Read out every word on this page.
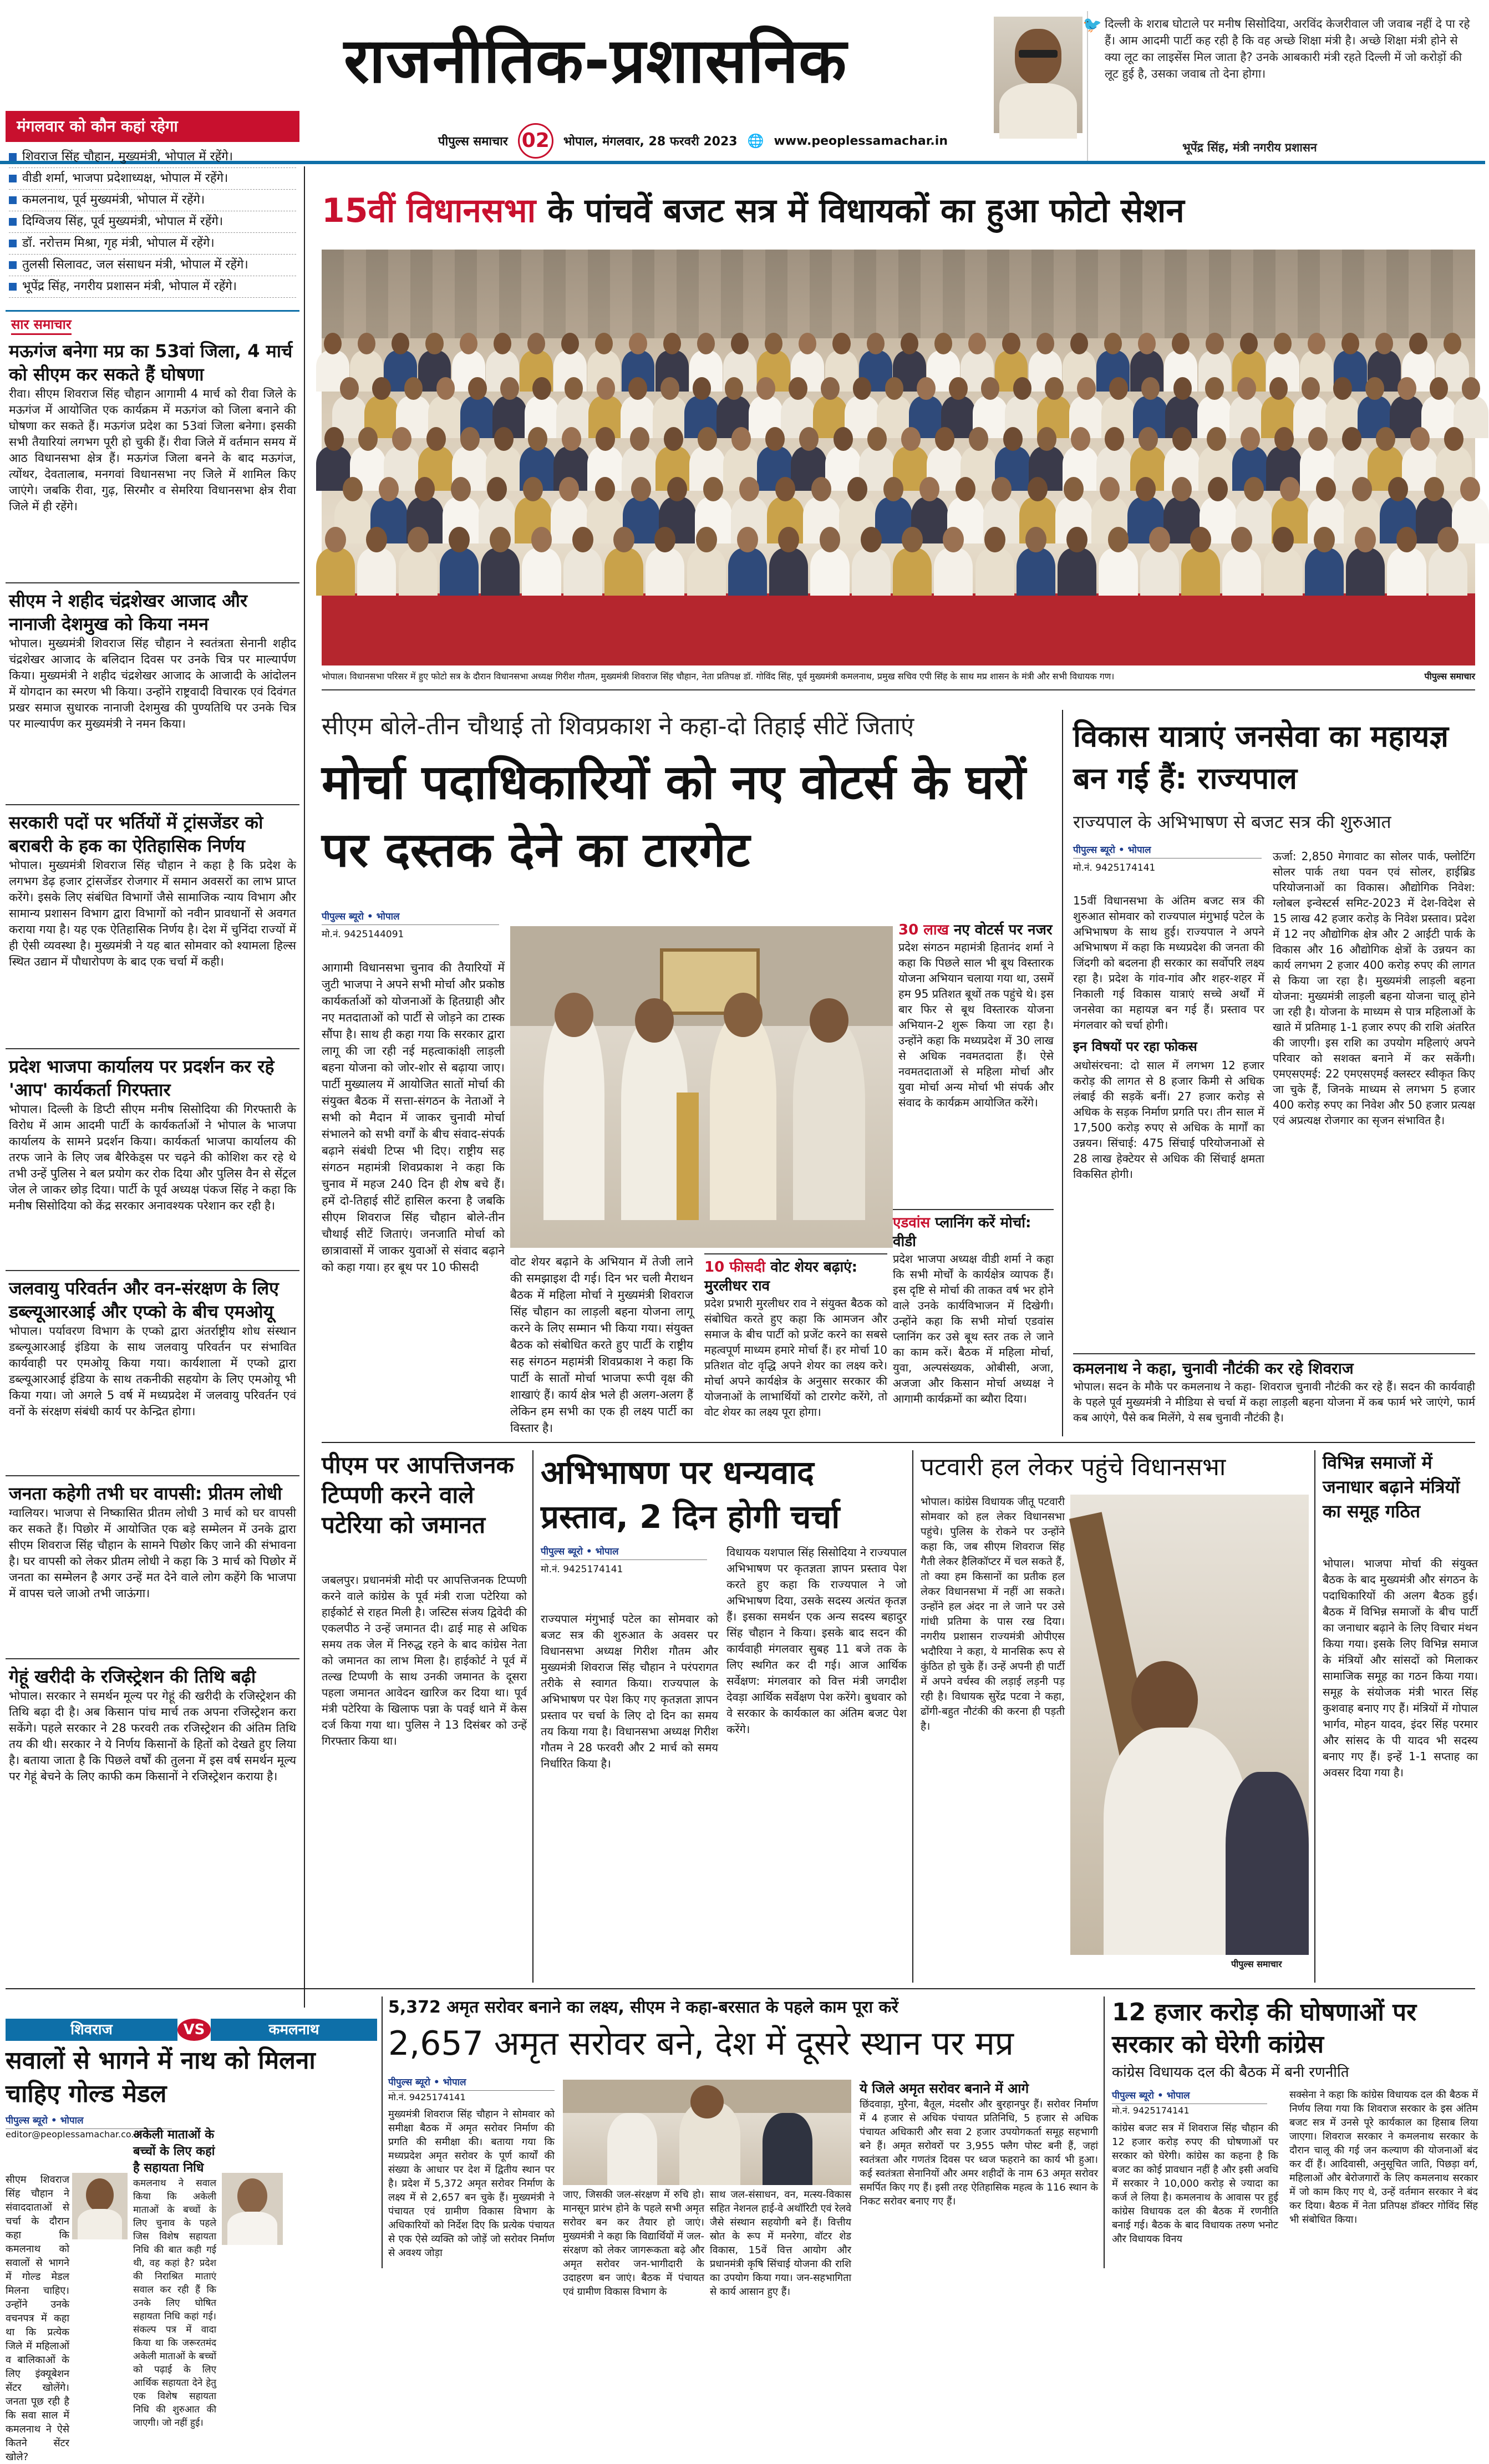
राजनीतिक-प्रशासनिक
पीपुल्स समाचार 02	भोपाल, मंगलवार, 28 फरवरी 2023 🌐 www.peoplessamachar.in
🐦 दिल्ली के शराब घोटाले पर मनीष सिसोदिया, अरविंद केजरीवाल जी जवाब नहीं दे पा रहे हैं। आम आदमी पार्टी कह रही है कि वह अच्छे शिक्षा मंत्री है। अच्छे शिक्षा मंत्री होने से क्या लूट का लाइसेंस मिल जाता है? उनके आबकारी मंत्री रहते दिल्ली में जो करोड़ों की लूट हुई है, उसका जवाब तो देना होगा।
भूपेंद्र सिंह, मंत्री नगरीय प्रशासन
मंगलवार को कौन कहां रहेगा
शिवराज सिंह चौहान, मुख्यमंत्री, भोपाल में रहेंगे।
वीडी शर्मा, भाजपा प्रदेशाध्यक्ष, भोपाल में रहेंगे।
कमलनाथ, पूर्व मुख्यमंत्री, भोपाल में रहेंगे।
दिग्विजय सिंह, पूर्व मुख्यमंत्री, भोपाल में रहेंगे।
डॉ. नरोत्तम मिश्रा, गृह मंत्री, भोपाल में रहेंगे।
तुलसी सिलावट, जल संसाधन मंत्री, भोपाल में रहेंगे।
भूपेंद्र सिंह, नगरीय प्रशासन मंत्री, भोपाल में रहेंगे।
सार समाचार
मऊगंज बनेगा मप्र का 53वां जिला, 4 मार्च को सीएम कर सकते हैं घोषणा
रीवा। सीएम शिवराज सिंह चौहान आगामी 4 मार्च को रीवा जिले के मऊगंज में आयोजित एक कार्यक्रम में मऊगंज को जिला बनाने की घोषणा कर सकते हैं। मऊगंज प्रदेश का 53वां जिला बनेगा। इसकी सभी तैयारियां लगभग पूरी हो चुकी हैं। रीवा जिले में वर्तमान समय में आठ विधानसभा क्षेत्र हैं। मऊगंज जिला बनने के बाद मऊगंज, त्योंथर, देवतालाब, मनगवां विधानसभा नए जिले में शामिल किए जाएंगे। जबकि रीवा, गुढ़, सिरमौर व सेमरिया विधानसभा क्षेत्र रीवा जिले में ही रहेंगे।
सीएम ने शहीद चंद्रशेखर आजाद और नानाजी देशमुख को किया नमन
भोपाल। मुख्यमंत्री शिवराज सिंह चौहान ने स्वतंत्रता सेनानी शहीद चंद्रशेखर आजाद के बलिदान दिवस पर उनके चित्र पर माल्यार्पण किया। मुख्यमंत्री ने शहीद चंद्रशेखर आजाद के आजादी के आंदोलन में योगदान का स्मरण भी किया। उन्होंने राष्ट्रवादी विचारक एवं दिवंगत प्रखर समाज सुधारक नानाजी देशमुख की पुण्यतिथि पर उनके चित्र पर माल्यार्पण कर मुख्यमंत्री ने नमन किया।
सरकारी पदों पर भर्तियों में ट्रांसजेंडर को बराबरी के हक का ऐतिहासिक निर्णय
भोपाल। मुख्यमंत्री शिवराज सिंह चौहान ने कहा है कि प्रदेश के लगभग डेढ़ हजार ट्रांसजेंडर रोजगार में समान अवसरों का लाभ प्राप्त करेंगे। इसके लिए संबंधित विभागों जैसे सामाजिक न्याय विभाग और सामान्य प्रशासन विभाग द्वारा विभागों को नवीन प्रावधानों से अवगत कराया गया है। यह एक ऐतिहासिक निर्णय है। देश में चुनिंदा राज्यों में ही ऐसी व्यवस्था है। मुख्यमंत्री ने यह बात सोमवार को श्यामला हिल्स स्थित उद्यान में पौधारोपण के बाद एक चर्चा में कही।
प्रदेश भाजपा कार्यालय पर प्रदर्शन कर रहे 'आप' कार्यकर्ता गिरफ्तार
भोपाल। दिल्ली के डिप्टी सीएम मनीष सिसोदिया की गिरफ्तारी के विरोध में आम आदमी पार्टी के कार्यकर्ताओं ने भोपाल के भाजपा कार्यालय के सामने प्रदर्शन किया। कार्यकर्ता भाजपा कार्यालय की तरफ जाने के लिए जब बैरिकेड्स पर चढ़ने की कोशिश कर रहे थे तभी उन्हें पुलिस ने बल प्रयोग कर रोक दिया और पुलिस वैन से सेंट्रल जेल ले जाकर छोड़ दिया। पार्टी के पूर्व अध्यक्ष पंकज सिंह ने कहा कि मनीष सिसोदिया को केंद्र सरकार अनावश्यक परेशान कर रही है।
जलवायु परिवर्तन और वन-संरक्षण के लिए डब्ल्यूआरआई और एप्को के बीच एमओयू
भोपाल। पर्यावरण विभाग के एप्को द्वारा अंतर्राष्ट्रीय शोध संस्थान डब्ल्यूआरआई इंडिया के साथ जलवायु परिवर्तन पर संभावित कार्यवाही पर एमओयू किया गया। कार्यशाला में एप्को द्वारा डब्ल्यूआरआई इंडिया के साथ तकनीकी सहयोग के लिए एमओयू भी किया गया। जो अगले 5 वर्ष में मध्यप्रदेश में जलवायु परिवर्तन एवं वनों के संरक्षण संबंधी कार्य पर केन्द्रित होगा।
जनता कहेगी तभी घर वापसी: प्रीतम लोधी
ग्वालियर। भाजपा से निष्कासित प्रीतम लोधी 3 मार्च को घर वापसी कर सकते हैं। पिछोर में आयोजित एक बड़े सम्मेलन में उनके द्वारा सीएम शिवराज सिंह चौहान के सामने पिछोर किए जाने की संभावना है। घर वापसी को लेकर प्रीतम लोधी ने कहा कि 3 मार्च को पिछोर में जनता का सम्मेलन है अगर उन्हें मत देने वाले लोग कहेंगे कि भाजपा में वापस चले जाओ तभी जाऊंगा।
गेहूं खरीदी के रजिस्ट्रेशन की तिथि बढ़ी
भोपाल। सरकार ने समर्थन मूल्य पर गेहूं की खरीदी के रजिस्ट्रेशन की तिथि बढ़ा दी है। अब किसान पांच मार्च तक अपना रजिस्ट्रेशन करा सकेंगे। पहले सरकार ने 28 फरवरी तक रजिस्ट्रेशन की अंतिम तिथि तय की थी। सरकार ने ये निर्णय किसानों के हितों को देखते हुए लिया है। बताया जाता है कि पिछले वर्षों की तुलना में इस वर्ष समर्थन मूल्य पर गेहूं बेचने के लिए काफी कम किसानों ने रजिस्ट्रेशन कराया है।
15वीं विधानसभा के पांचवें बजट सत्र में विधायकों का हुआ फोटो सेशन
भोपाल। विधानसभा परिसर में हुए फोटो सत्र के दौरान विधानसभा अध्यक्ष गिरीश गौतम, मुख्यमंत्री शिवराज सिंह चौहान, नेता प्रतिपक्ष डॉ. गोविंद सिंह, पूर्व मुख्यमंत्री कमलनाथ, प्रमुख सचिव एपी सिंह के साथ मप्र शासन के मंत्री और सभी विधायक गण।	पीपुल्स समाचार
सीएम बोले-तीन चौथाई तो शिवप्रकाश ने कहा-दो तिहाई सीटें जिताएं
मोर्चा पदाधिकारियों को नए वोटर्स के घरों पर दस्तक देने का टारगेट
पीपुल्स ब्यूरो • भोपाल
मो.नं. 9425144091
आगामी विधानसभा चुनाव की तैयारियों में जुटी भाजपा ने अपने सभी मोर्चा और प्रकोष्ठ कार्यकर्ताओं को योजनाओं के हितग्राही और नए मतदाताओं को पार्टी से जोड़ने का टास्क सौंपा है। साथ ही कहा गया कि सरकार द्वारा लागू की जा रही नई महत्वाकांक्षी लाड़ली बहना योजना को जोर-शोर से बढ़ाया जाए। पार्टी मुख्यालय में आयोजित सातों मोर्चा की संयुक्त बैठक में सत्ता-संगठन के नेताओं ने सभी को मैदान में जाकर चुनावी मोर्चा संभालने को सभी वर्गों के बीच संवाद-संपर्क बढ़ाने संबंधी टिप्स भी दिए। राष्ट्रीय सह संगठन महामंत्री शिवप्रकाश ने कहा कि चुनाव में महज 240 दिन ही शेष बचे हैं। हमें दो-तिहाई सीटें हासिल करना है जबकि सीएम शिवराज सिंह चौहान बोले-तीन चौथाई सीटें जिताएं। जनजाति मोर्चा को छात्रावासों में जाकर युवाओं से संवाद बढ़ाने को कहा गया। हर बूथ पर 10 फीसदी	वोट शेयर बढ़ाने के अभियान में तेजी लाने की समझाइश दी गई। दिन भर चली मैराथन बैठक में महिला मोर्चा ने मुख्यमंत्री शिवराज सिंह चौहान का लाड़ली बहना योजना लागू करने के लिए सम्मान भी किया गया। संयुक्त बैठक को संबोधित करते हुए पार्टी के राष्ट्रीय सह संगठन महामंत्री शिवप्रकाश ने कहा कि पार्टी के सातों मोर्चा भाजपा रूपी वृक्ष की शाखाएं हैं। कार्य क्षेत्र भले ही अलग-अलग हैं लेकिन हम सभी का एक ही लक्ष्य पार्टी का विस्तार है।
30 लाख नए वोटर्स पर नजर
प्रदेश संगठन महामंत्री हितानंद शर्मा ने कहा कि पिछले साल भी बूथ विस्तारक योजना अभियान चलाया गया था, उसमें हम 95 प्रतिशत बूथों तक पहुंचे थे। इस बार फिर से बूथ विस्तारक योजना अभियान-2 शुरू किया जा रहा है। उन्होंने कहा कि मध्यप्रदेश में 30 लाख से अधिक नवमतदाता हैं। ऐसे नवमतदाताओं से महिला मोर्चा और युवा मोर्चा अन्य मोर्चा भी संपर्क और संवाद के कार्यक्रम आयोजित करेंगे।
10 फीसदी वोट शेयर बढ़ाएं: मुरलीधर राव
प्रदेश प्रभारी मुरलीधर राव ने संयुक्त बैठक को संबोधित करते हुए कहा कि आमजन और समाज के बीच पार्टी को प्रजेंट करने का सबसे महत्वपूर्ण माध्यम हमारे मोर्चा हैं। हर मोर्चा 10 प्रतिशत वोट वृद्धि अपने शेयर का लक्ष्य करे। मोर्चा अपने कार्यक्षेत्र के अनुसार सरकार की योजनाओं के लाभार्थियों को टारगेट करेंगे, तो वोट शेयर का लक्ष्य पूरा होगा।
एडवांस प्लानिंग करें मोर्चा: वीडी
प्रदेश भाजपा अध्यक्ष वीडी शर्मा ने कहा कि सभी मोर्चों के कार्यक्षेत्र व्यापक हैं। इस दृष्टि से मोर्चा की ताकत वर्ष भर होने वाले उनके कार्यविभाजन में दिखेगी। उन्होंने कहा कि सभी मोर्चा एडवांस प्लानिंग कर उसे बूथ स्तर तक ले जाने का काम करें। बैठक में महिला मोर्चा, युवा, अल्पसंख्यक, ओबीसी, अजा, अजजा और किसान मोर्चा अध्यक्ष ने आगामी कार्यक्रमों का ब्यौरा दिया।
विकास यात्राएं जनसेवा का महायज्ञ बन गई हैं: राज्यपाल
राज्यपाल के अभिभाषण से बजट सत्र की शुरुआत
पीपुल्स ब्यूरो • भोपाल
मो.नं. 9425174141
15वीं विधानसभा के अंतिम बजट सत्र की शुरुआत सोमवार को राज्यपाल मंगुभाई पटेल के अभिभाषण के साथ हुई। राज्यपाल ने अपने अभिभाषण में कहा कि मध्यप्रदेश की जनता की जिंदगी को बदलना ही सरकार का सर्वोपरि लक्ष्य रहा है। प्रदेश के गांव-गांव और शहर-शहर में निकाली गई विकास यात्राएं सच्चे अर्थों में जनसेवा का महायज्ञ बन गई हैं। प्रस्ताव पर मंगलवार को चर्चा होगी।
इन विषयों पर रहा फोकस
अधोसंरचना: दो साल में लगभग 12 हजार करोड़ की लागत से 8 हजार किमी से अधिक लंबाई की सड़कें बनीं। 27 हजार करोड़ से अधिक के सड़क निर्माण प्रगति पर। तीन साल में 17,500 करोड़ रुपए से अधिक के मार्गों का उन्नयन। सिंचाई: 475 सिंचाई परियोजनाओं से 28 लाख हेक्टेयर से अधिक की सिंचाई क्षमता विकसित होगी।
ऊर्जा: 2,850 मेगावाट का सोलर पार्क, फ्लोटिंग सोलर पार्क तथा पवन एवं सोलर, हाईब्रिड परियोजनाओं का विकास। औद्योगिक निवेश: ग्लोबल इन्वेस्टर्स समिट-2023 में देश-विदेश से 15 लाख 42 हजार करोड़ के निवेश प्रस्ताव। प्रदेश में 12 नए औद्योगिक क्षेत्र और 2 आईटी पार्क के विकास और 16 औद्योगिक क्षेत्रों के उन्नयन का कार्य लगभग 2 हजार 400 करोड़ रुपए की लागत से किया जा रहा है। मुख्यमंत्री लाड़ली बहना योजना: मुख्यमंत्री लाड़ली बहना योजना चालू होने जा रही है। योजना के माध्यम से पात्र महिलाओं के खाते में प्रतिमाह 1-1 हजार रुपए की राशि अंतरित की जाएगी। इस राशि का उपयोग महिलाएं अपने परिवार को सशक्त बनाने में कर सकेंगी। एमएसएमई: 22 एमएसएमई क्लस्टर स्वीकृत किए जा चुके हैं, जिनके माध्यम से लगभग 5 हजार 400 करोड़ रुपए का निवेश और 50 हजार प्रत्यक्ष एवं अप्रत्यक्ष रोजगार का सृजन संभावित है।
कमलनाथ ने कहा, चुनावी नौटंकी कर रहे शिवराज
भोपाल। सदन के मौके पर कमलनाथ ने कहा- शिवराज चुनावी नौटंकी कर रहे हैं। सदन की कार्यवाही के पहले पूर्व मुख्यमंत्री ने मीडिया से चर्चा में कहा लाड़ली बहना योजना में कब फार्म भरे जाएंगे, फार्म कब आएंगे, पैसे कब मिलेंगे, ये सब चुनावी नौटंकी है।
पीएम पर आपत्तिजनक टिप्पणी करने वाले पटेरिया को जमानत
जबलपुर। प्रधानमंत्री मोदी पर आपत्तिजनक टिप्पणी करने वाले कांग्रेस के पूर्व मंत्री राजा पटेरिया को हाईकोर्ट से राहत मिली है। जस्टिस संजय द्विवेदी की एकलपीठ ने उन्हें जमानत दी। ढाई माह से अधिक समय तक जेल में निरुद्ध रहने के बाद कांग्रेस नेता को जमानत का लाभ मिला है। हाईकोर्ट ने पूर्व में तल्ख टिप्पणी के साथ उनकी जमानत के दूसरा पहला जमानत आवेदन खारिज कर दिया था। पूर्व मंत्री पटेरिया के खिलाफ पन्ना के पवई थाने में केस दर्ज किया गया था। पुलिस ने 13 दिसंबर को उन्हें गिरफ्तार किया था।
अभिभाषण पर धन्यवाद प्रस्ताव, 2 दिन होगी चर्चा
पीपुल्स ब्यूरो • भोपाल
मो.नं. 9425174141
राज्यपाल मंगुभाई पटेल का सोमवार को बजट सत्र की शुरुआत के अवसर पर विधानसभा अध्यक्ष गिरीश गौतम और मुख्यमंत्री शिवराज सिंह चौहान ने परंपरागत तरीके से स्वागत किया। राज्यपाल के अभिभाषण पर पेश किए गए कृतज्ञता ज्ञापन प्रस्ताव पर चर्चा के लिए दो दिन का समय तय किया गया है। विधानसभा अध्यक्ष गिरीश गौतम ने 28 फरवरी और 2 मार्च को समय निर्धारित किया है।
विधायक यशपाल सिंह सिसोदिया ने राज्यपाल अभिभाषण पर कृतज्ञता ज्ञापन प्रस्ताव पेश करते हुए कहा कि राज्यपाल ने जो अभिभाषण दिया, उसके सदस्य अत्यंत कृतज्ञ हैं। इसका समर्थन एक अन्य सदस्य बहादुर सिंह चौहान ने किया। इसके बाद सदन की कार्यवाही मंगलवार सुबह 11 बजे तक के लिए स्थगित कर दी गई। आज आर्थिक सर्वेक्षण: मंगलवार को वित्त मंत्री जगदीश देवड़ा आर्थिक सर्वेक्षण पेश करेंगे। बुधवार को वे सरकार के कार्यकाल का अंतिम बजट पेश करेंगे।
पटवारी हल लेकर पहुंचे विधानसभा
भोपाल। कांग्रेस विधायक जीतू पटवारी सोमवार को हल लेकर विधानसभा पहुंचे। पुलिस के रोकने पर उन्होंने कहा कि, जब सीएम शिवराज सिंह गैती लेकर हैलिकॉप्टर में चल सकते हैं, तो क्या हम किसानों का प्रतीक हल लेकर विधानसभा में नहीं आ सकते। उन्होंने हल अंदर ना ले जाने पर उसे गांधी प्रतिमा के पास रख दिया। नगरीय प्रशासन राज्यमंत्री ओपीएस भदौरिया ने कहा, ये मानसिक रूप से कुंठित हो चुके हैं। उन्हें अपनी ही पार्टी में अपने वर्चस्व की लड़ाई लड़नी पड़ रही है। विधायक सुरेंद्र पटवा ने कहा, ढोंगी-बहुत नौटंकी की करना ही पड़ती है।
पीपुल्स समाचार
विभिन्न समाजों में जनाधार बढ़ाने मंत्रियों का समूह गठित
भोपाल। भाजपा मोर्चा की संयुक्त बैठक के बाद मुख्यमंत्री और संगठन के पदाधिकारियों की अलग बैठक हुई। बैठक में विभिन्न समाजों के बीच पार्टी का जनाधार बढ़ाने के लिए विचार मंथन किया गया। इसके लिए विभिन्न समाज के मंत्रियों और सांसदों को मिलाकर सामाजिक समूह का गठन किया गया। समूह के संयोजक मंत्री भारत सिंह कुशवाह बनाए गए हैं। मंत्रियों में गोपाल भार्गव, मोहन यादव, इंदर सिंह परमार और सांसद के पी यादव भी सदस्य बनाए गए हैं। इन्हें 1-1 सप्ताह का अवसर दिया गया है।
शिवराज	VS	कमलनाथ
सवालों से भागने में नाथ को मिलना चाहिए गोल्ड मेडल
पीपुल्स ब्यूरो • भोपाल
editor@peoplessamachar.co.in
सीएम शिवराज सिंह चौहान ने संवाददाताओं से चर्चा के दौरान कहा कि कमलनाथ को सवालों से भागने में गोल्ड मेडल मिलना चाहिए। उन्होंने उनके वचनपत्र में कहा था कि प्रत्येक जिले में महिलाओं व बालिकाओं के लिए इंक्यूबेशन सेंटर खोलेंगे। जनता पूछ रही है कि सवा साल में कमलनाथ ने ऐसे कितने सेंटर खोले?
अकेली माताओं के बच्चों के लिए कहां है सहायता निधि
कमलनाथ ने सवाल किया कि अकेली माताओं के बच्चों के लिए चुनाव के पहले जिस विशेष सहायता निधि की बात कही गई थी, वह कहां है? प्रदेश की निराश्रित माताएं सवाल कर रही हैं कि उनके लिए घोषित सहायता निधि कहां गई। संकल्प पत्र में वादा किया था कि जरूरतमंद अकेली माताओं के बच्चों को पढ़ाई के लिए आर्थिक सहायता देने हेतु एक विशेष सहायता निधि की शुरुआत की जाएगी। जो नहीं हुई।
5,372 अमृत सरोवर बनाने का लक्ष्य, सीएम ने कहा-बरसात के पहले काम पूरा करें
2,657 अमृत सरोवर बने, देश में दूसरे स्थान पर मप्र
पीपुल्स ब्यूरो • भोपाल
मो.नं. 9425174141
मुख्यमंत्री शिवराज सिंह चौहान ने सोमवार को समीक्षा बैठक में अमृत सरोवर निर्माण की प्रगति की समीक्षा की। बताया गया कि मध्यप्रदेश अमृत सरोवर के पूर्ण कार्यों की संख्या के आधार पर देश में द्वितीय स्थान पर है। प्रदेश में 5,372 अमृत सरोवर निर्माण के लक्ष्य में से 2,657 बन चुके हैं। मुख्यमंत्री ने पंचायत एवं ग्रामीण विकास विभाग के अधिकारियों को निर्देश दिए कि प्रत्येक पंचायत से एक ऐसे व्यक्ति को जोड़ें जो सरोवर निर्माण से अवश्य जोड़ा
जाए, जिसकी जल-संरक्षण में रुचि हो। मानसून प्रारंभ होने के पहले सभी अमृत सरोवर बन कर तैयार हो जाएं। मुख्यमंत्री ने कहा कि विद्यार्थियों में जल-संरक्षण को लेकर जागरूकता बढ़े और अमृत सरोवर जन-भागीदारी के उदाहरण बन जाएं। बैठक में पंचायत एवं ग्रामीण विकास विभाग के
साथ जल-संसाधन, वन, मत्स्य-विकास सहित नेशनल हाई-वे अथॉरिटी एवं रेलवे जैसे संस्थान सहयोगी बने हैं। वित्तीय स्रोत के रूप में मनरेगा, वॉटर शेड विकास, 15वें वित्त आयोग और प्रधानमंत्री कृषि सिंचाई योजना की राशि का उपयोग किया गया। जन-सहभागिता से कार्य आसान हुए हैं।
ये जिले अमृत सरोवर बनाने में आगे
छिंदवाड़ा, मुरैना, बैतूल, मंदसौर और बुरहानपुर हैं। सरोवर निर्माण में 4 हजार से अधिक पंचायत प्रतिनिधि, 5 हजार से अधिक पंचायत अधिकारी और सवा 2 हजार उपयोगकर्ता समूह सहभागी बने हैं। अमृत सरोवरों पर 3,955 फ्लैग पोस्ट बनी हैं, जहां स्वतंत्रता और गणतंत्र दिवस पर ध्वज फहराने का कार्य भी हुआ। कई स्वतंत्रता सेनानियों और अमर शहीदों के नाम 63 अमृत सरोवर समर्पित किए गए हैं। इसी तरह ऐतिहासिक महत्व के 116 स्थान के निकट सरोवर बनाए गए हैं।
12 हजार करोड़ की घोषणाओं पर सरकार को घेरेगी कांग्रेस
कांग्रेस विधायक दल की बैठक में बनी रणनीति
पीपुल्स ब्यूरो • भोपाल
मो.नं. 9425174141
कांग्रेस बजट सत्र में शिवराज सिंह चौहान की 12 हजार करोड़ रुपए की घोषणाओं पर सरकार को घेरेगी। कांग्रेस का कहना है कि बजट का कोई प्रावधान नहीं है और इसी अवधि में सरकार ने 10,000 करोड़ से ज्यादा का कर्ज ले लिया है। कमलनाथ के आवास पर हुई कांग्रेस विधायक दल की बैठक में रणनीति बनाई गई। बैठक के बाद विधायक तरुण भनोट और विधायक विनय
सक्सेना ने कहा कि कांग्रेस विधायक दल की बैठक में निर्णय लिया गया कि शिवराज सरकार के इस अंतिम बजट सत्र में उनसे पूरे कार्यकाल का हिसाब लिया जाएगा। शिवराज सरकार ने कमलनाथ सरकार के दौरान चालू की गई जन कल्याण की योजनाओं बंद कर दीं हैं। आदिवासी, अनुसूचित जाति, पिछड़ा वर्ग, महिलाओं और बेरोजगारों के लिए कमलनाथ सरकार में जो काम किए गए थे, उन्हें वर्तमान सरकार ने बंद कर दिया। बैठक में नेता प्रतिपक्ष डॉक्टर गोविंद सिंह भी संबोधित किया।
